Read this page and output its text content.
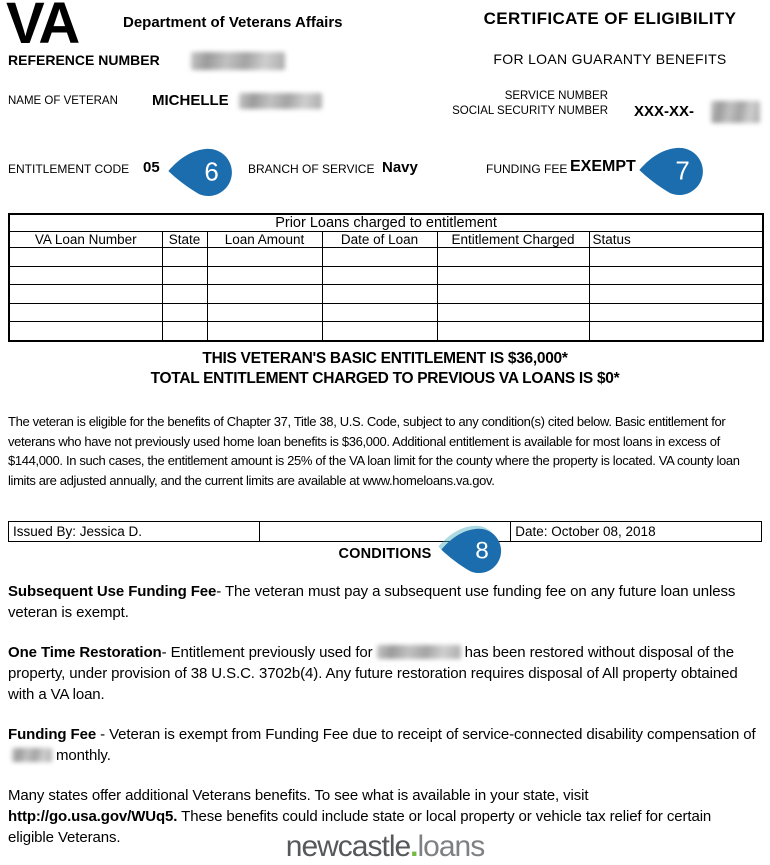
VA	Department of Veterans Affairs	CERTIFICATE OF ELIGIBILITY
FOR LOAN GUARANTY BENEFITS
REFERENCE NUMBER
NAME OF VETERAN MICHELLE	SERVICE NUMBER
SOCIAL SECURITY NUMBER XXX-XX-
ENTITLEMENT CODE 05 6 BRANCH OF SERVICE Navy	FUNDING FEE EXEMPT 7
Prior Loans charged to entitlement					
VA Loan Number	State	Loan Amount	Date of Loan	Entitlement Charged	Status

THIS VETERAN'S BASIC ENTITLEMENT IS $36,000*
TOTAL ENTITLEMENT CHARGED TO PREVIOUS VA LOANS IS $0*
The veteran is eligible for the benefits of Chapter 37, Title 38, U.S. Code, subject to any condition(s) cited below. Basic entitlement for veterans who have not previously used home loan benefits is $36,000. Additional entitlement is available for most loans in excess of $144,000. In such cases, the entitlement amount is 25% of the VA loan limit for the county where the property is located. VA county loan limits are adjusted annually, and the current limits are available at www.homeloans.va.gov.
Issued By: Jessica D.		Date: October 08, 2018
CONDITIONS	8

Subsequent Use Funding Fee- The veteran must pay a subsequent use funding fee on any future loan unless veteran is exempt.

One Time Restoration- Entitlement previously used for	has been restored without disposal of the property, under provision of 38 U.S.C. 3702b(4). Any future restoration requires disposal of All property obtained with a VA loan.

Funding Fee - Veteran is exempt from Funding Fee due to receipt of service-connected disability compensation ofmonthly.

Many states offer additional Veterans benefits. To see what is available in your state, visit http://go.usa.gov/WUq5. These benefits could include state or local property or vehicle tax relief for certain eligible Veterans.	newcastle.loans
